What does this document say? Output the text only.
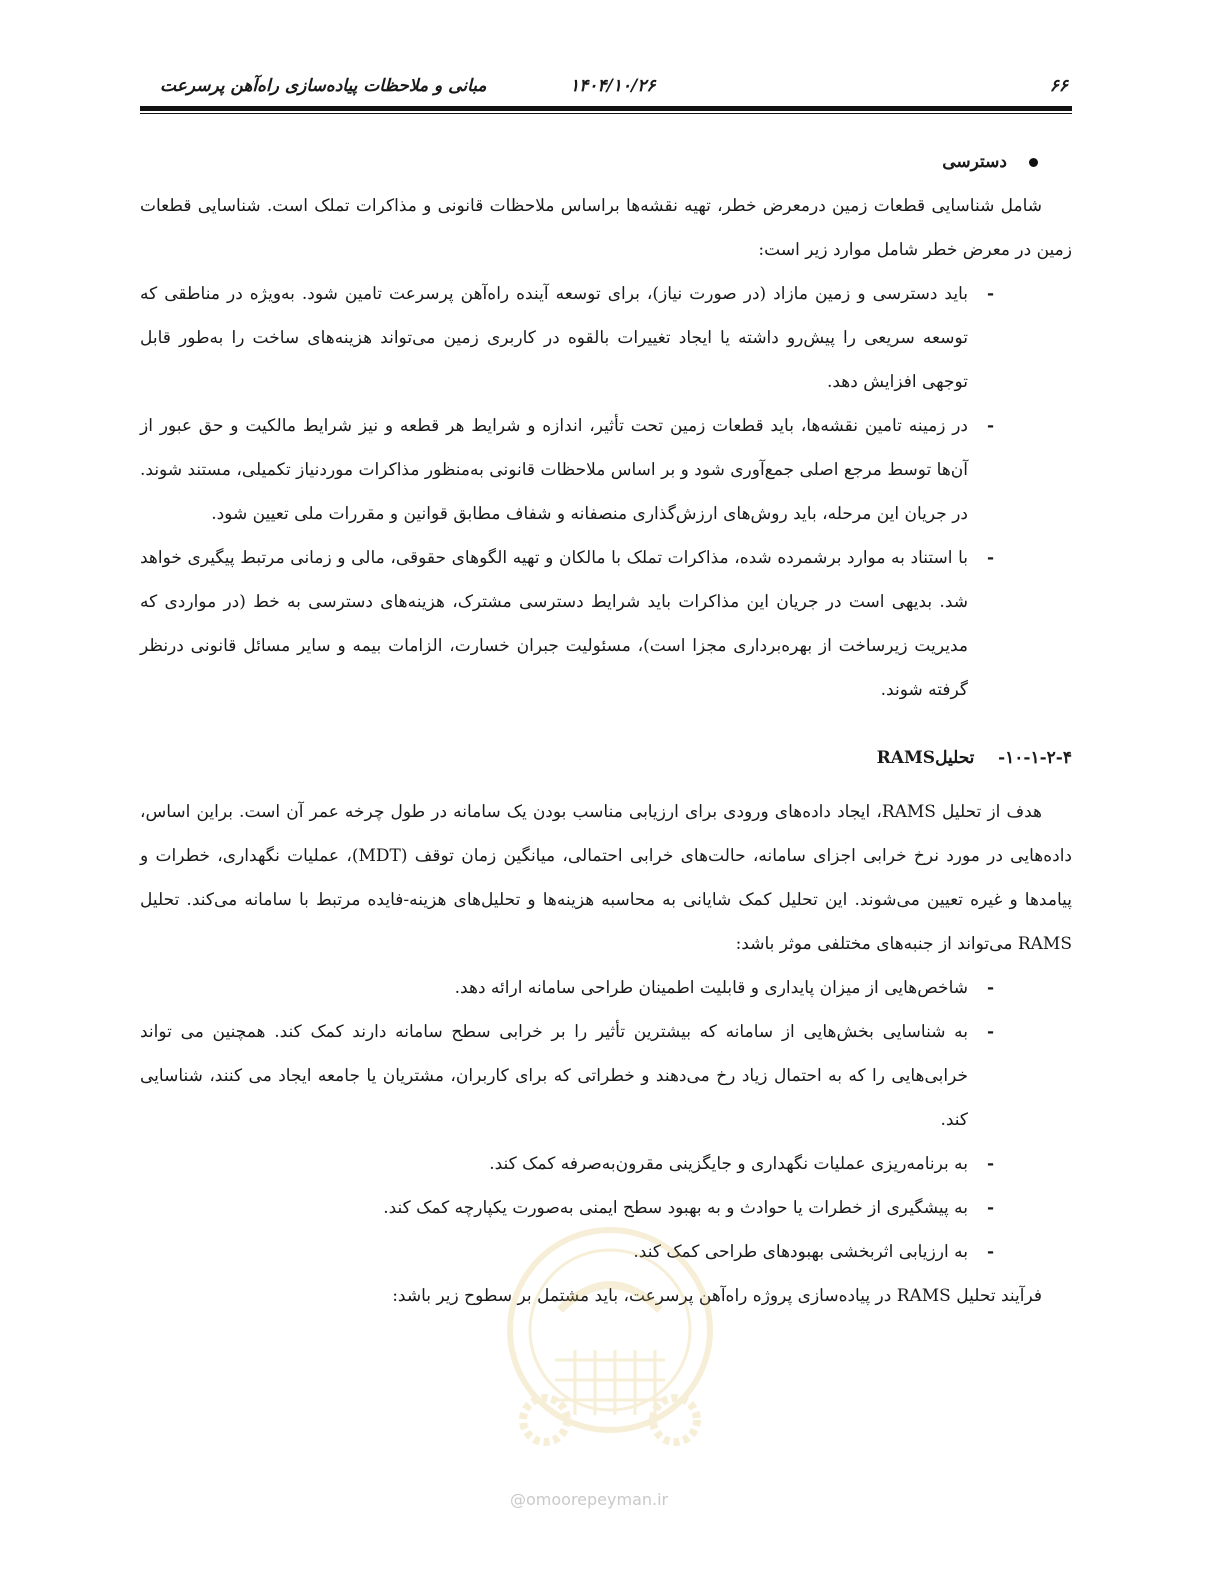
۶۶
۱۴۰۴/۱۰/۲۶
مبانی و ملاحظات پیاده‌سازی راه‌آهن پرسرعت
دسترسی

شامل شناسایی قطعات زمین درمعرض خطر، تهیه نقشه‌ها براساس ملاحظات قانونی و مذاکرات تملک است. شناسایی قطعات زمین در معرض خطر شامل موارد زیر است:

-
باید دسترسی و زمین مازاد (در صورت نیاز)، برای توسعه آینده راه‌آهن پرسرعت تامین شود. به‌ویژه در مناطقی که توسعه سریعی را پیش‌رو داشته یا ایجاد تغییرات بالقوه در کاربری زمین می‌تواند هزینه‌های ساخت را به‌طور قابل توجهی افزایش دهد.
-
در زمینه تامین نقشه‌ها، باید قطعات زمین تحت تأثیر، اندازه و شرایط هر قطعه و نیز شرایط مالکیت و حق عبور از آن‌ها توسط مرجع اصلی جمع‌آوری شود و بر اساس ملاحظات قانونی به‌منظور مذاکرات موردنیاز تکمیلی، مستند شوند. در جریان این مرحله، باید روش‌های ارزش‌گذاری منصفانه و شفاف مطابق قوانین و مقررات ملی تعیین شود.
-
با استناد به موارد برشمرده شده، مذاکرات تملک با مالکان و تهیه الگوهای حقوقی، مالی و زمانی مرتبط پیگیری خواهد شد. بدیهی است در جریان این مذاکرات باید شرایط دسترسی مشترک، هزینه‌های دسترسی به خط (در مواردی که مدیریت زیرساخت از بهره‌برداری مجزا است)، مسئولیت جبران خسارت، الزامات بیمه و سایر مسائل قانونی درنظر گرفته شوند.
۱۰-۱-۲-۴-    تحلیلRAMS

هدف از تحلیل RAMS، ایجاد داده‌های ورودی برای ارزیابی مناسب بودن یک سامانه در طول چرخه عمر آن است. براین اساس، داده‌هایی در مورد نرخ خرابی اجزای سامانه، حالت‌های خرابی احتمالی، میانگین زمان توقف (MDT)، عملیات نگهداری، خطرات و پیامدها و غیره تعیین می‌شوند. این تحلیل کمک شایانی به محاسبه هزینه‌ها و تحلیل‌های هزینه-فایده مرتبط با سامانه می‌کند. تحلیل RAMS می‌تواند از جنبه‌های مختلفی موثر باشد:

-
شاخص‌هایی از میزان پایداری و قابلیت اطمینان طراحی سامانه ارائه دهد.
-
به شناسایی بخش‌هایی از سامانه که بیشترین تأثیر را بر خرابی سطح سامانه دارند کمک کند. همچنین می تواند خرابی‌هایی را که به احتمال زیاد رخ می‌دهند و خطراتی که برای کاربران، مشتریان یا جامعه ایجاد می کنند، شناسایی کند.
-
به برنامه‌ریزی عملیات نگهداری و جایگزینی مقرون‌به‌صرفه کمک کند.
-
به پیشگیری از خطرات یا حوادث و به بهبود سطح ایمنی به‌صورت یکپارچه کمک کند.
-
به ارزیابی اثربخشی بهبودهای طراحی کمک کند.

فرآیند تحلیل RAMS در پیاده‌سازی پروژه راه‌آهن پرسرعت، باید مشتمل بر سطوح زیر باشد:

@omoorepeyman.ir
